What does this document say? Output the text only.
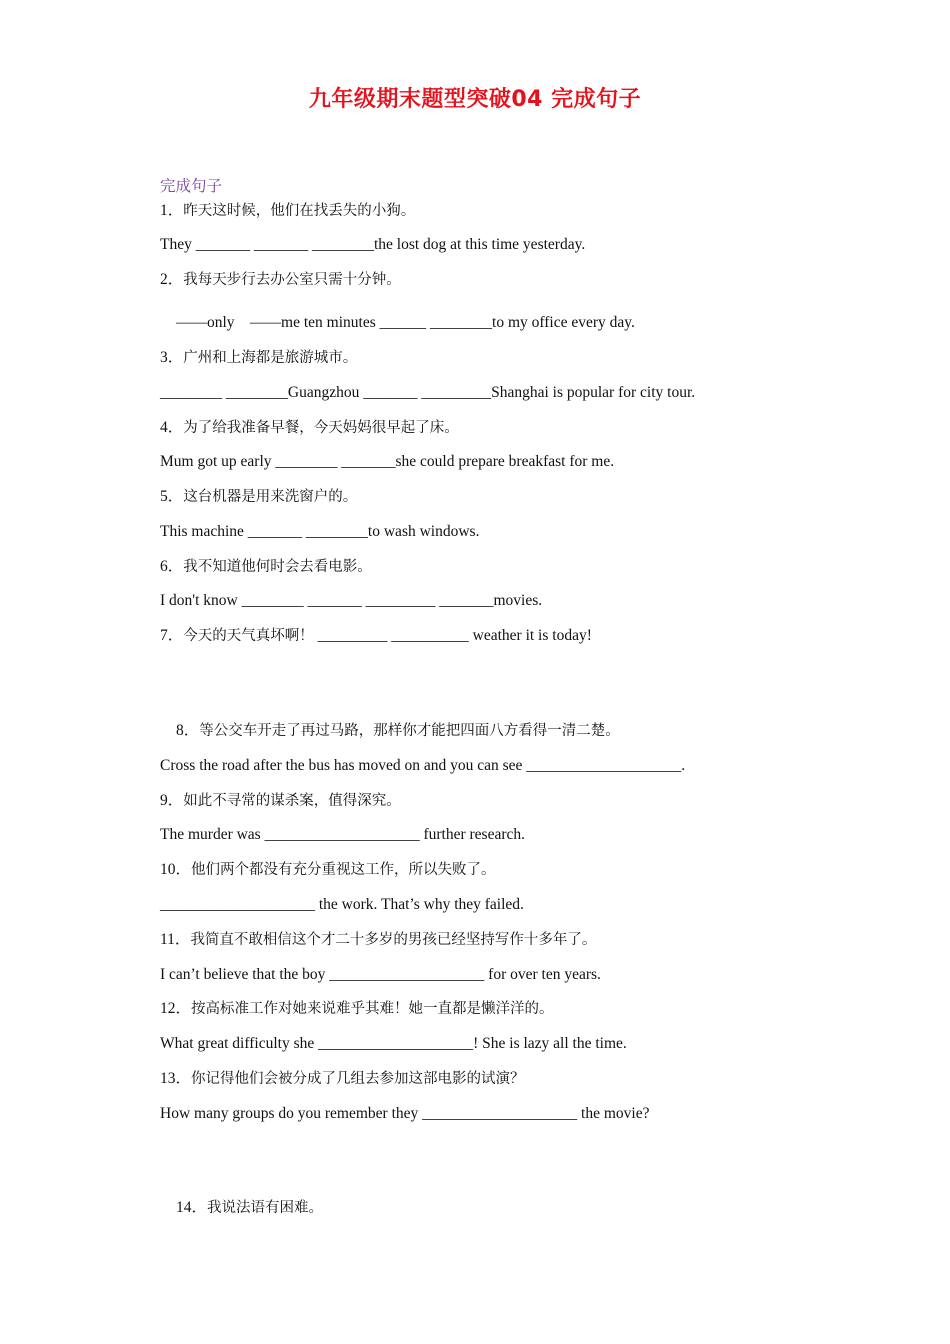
九年级期末题型突破04 完成句子
完成句子
1．昨天这时候，他们在找丢失的小狗。
They _______ _______ ________the lost dog at this time yesterday.
2．我每天步行去办公室只需十分钟。
——only    ——me ten minutes ______ ________to my office every day.
3．广州和上海都是旅游城市。
________ ________Guangzhou _______ _________Shanghai is popular for city tour.
4．为了给我准备早餐，今天妈妈很早起了床。
Mum got up early ________ _______she could prepare breakfast for me.
5．这台机器是用来洗窗户的。
This machine _______ ________to wash windows.
6．我不知道他何时会去看电影。
I don't know ________ _______ _________ _______movies.
7．今天的天气真坏啊！ _________ __________ weather it is today!
8．等公交车开走了再过马路，那样你才能把四面八方看得一清二楚。
Cross the road after the bus has moved on and you can see ____________________.
9．如此不寻常的谋杀案，值得深究。
The murder was ____________________ further research.
10．他们两个都没有充分重视这工作，所以失败了。
____________________ the work. That’s why they failed.
11．我简直不敢相信这个才二十多岁的男孩已经坚持写作十多年了。
I can’t believe that the boy ____________________ for over ten years.
12．按高标准工作对她来说难乎其难！她一直都是懒洋洋的。
What great difficulty she ____________________! She is lazy all the time.
13．你记得他们会被分成了几组去参加这部电影的试演？
How many groups do you remember they ____________________ the movie?
14．我说法语有困难。
